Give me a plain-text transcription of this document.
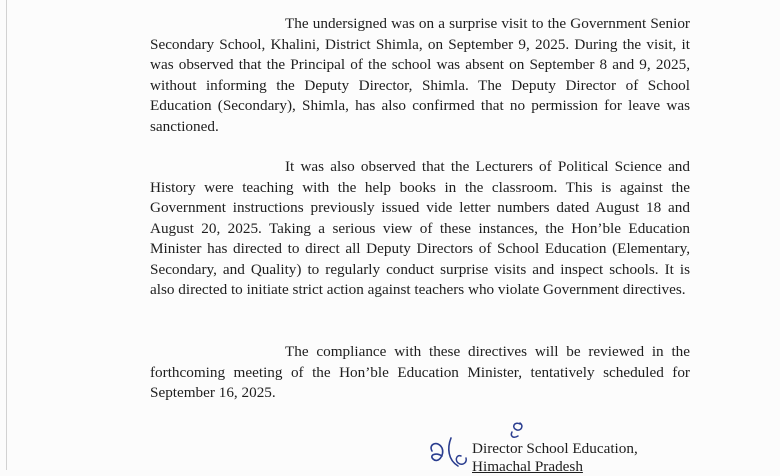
The undersigned was on a surprise visit to the Government Senior Secondary School, Khalini, District Shimla, on September 9, 2025. During the visit, it was observed that the Principal of the school was absent on September 8 and 9, 2025, without informing the Deputy Director, Shimla. The Deputy Director of School Education (Secondary), Shimla, has also confirmed that no permission for leave was sanctioned.

It was also observed that the Lecturers of Political Science and History were teaching with the help books in the classroom. This is against the Government instructions previously issued vide letter numbers dated August 18 and August 20, 2025. Taking a serious view of these instances, the Hon’ble Education Minister has directed to direct all Deputy Directors of School Education (Elementary, Secondary, and Quality) to regularly conduct surprise visits and inspect schools. It is also directed to initiate strict action against teachers who violate Government directives.

The compliance with these directives will be reviewed in the forthcoming meeting of the Hon’ble Education Minister, tentatively scheduled for September 16, 2025.

Director School Education,
Himachal Pradesh
